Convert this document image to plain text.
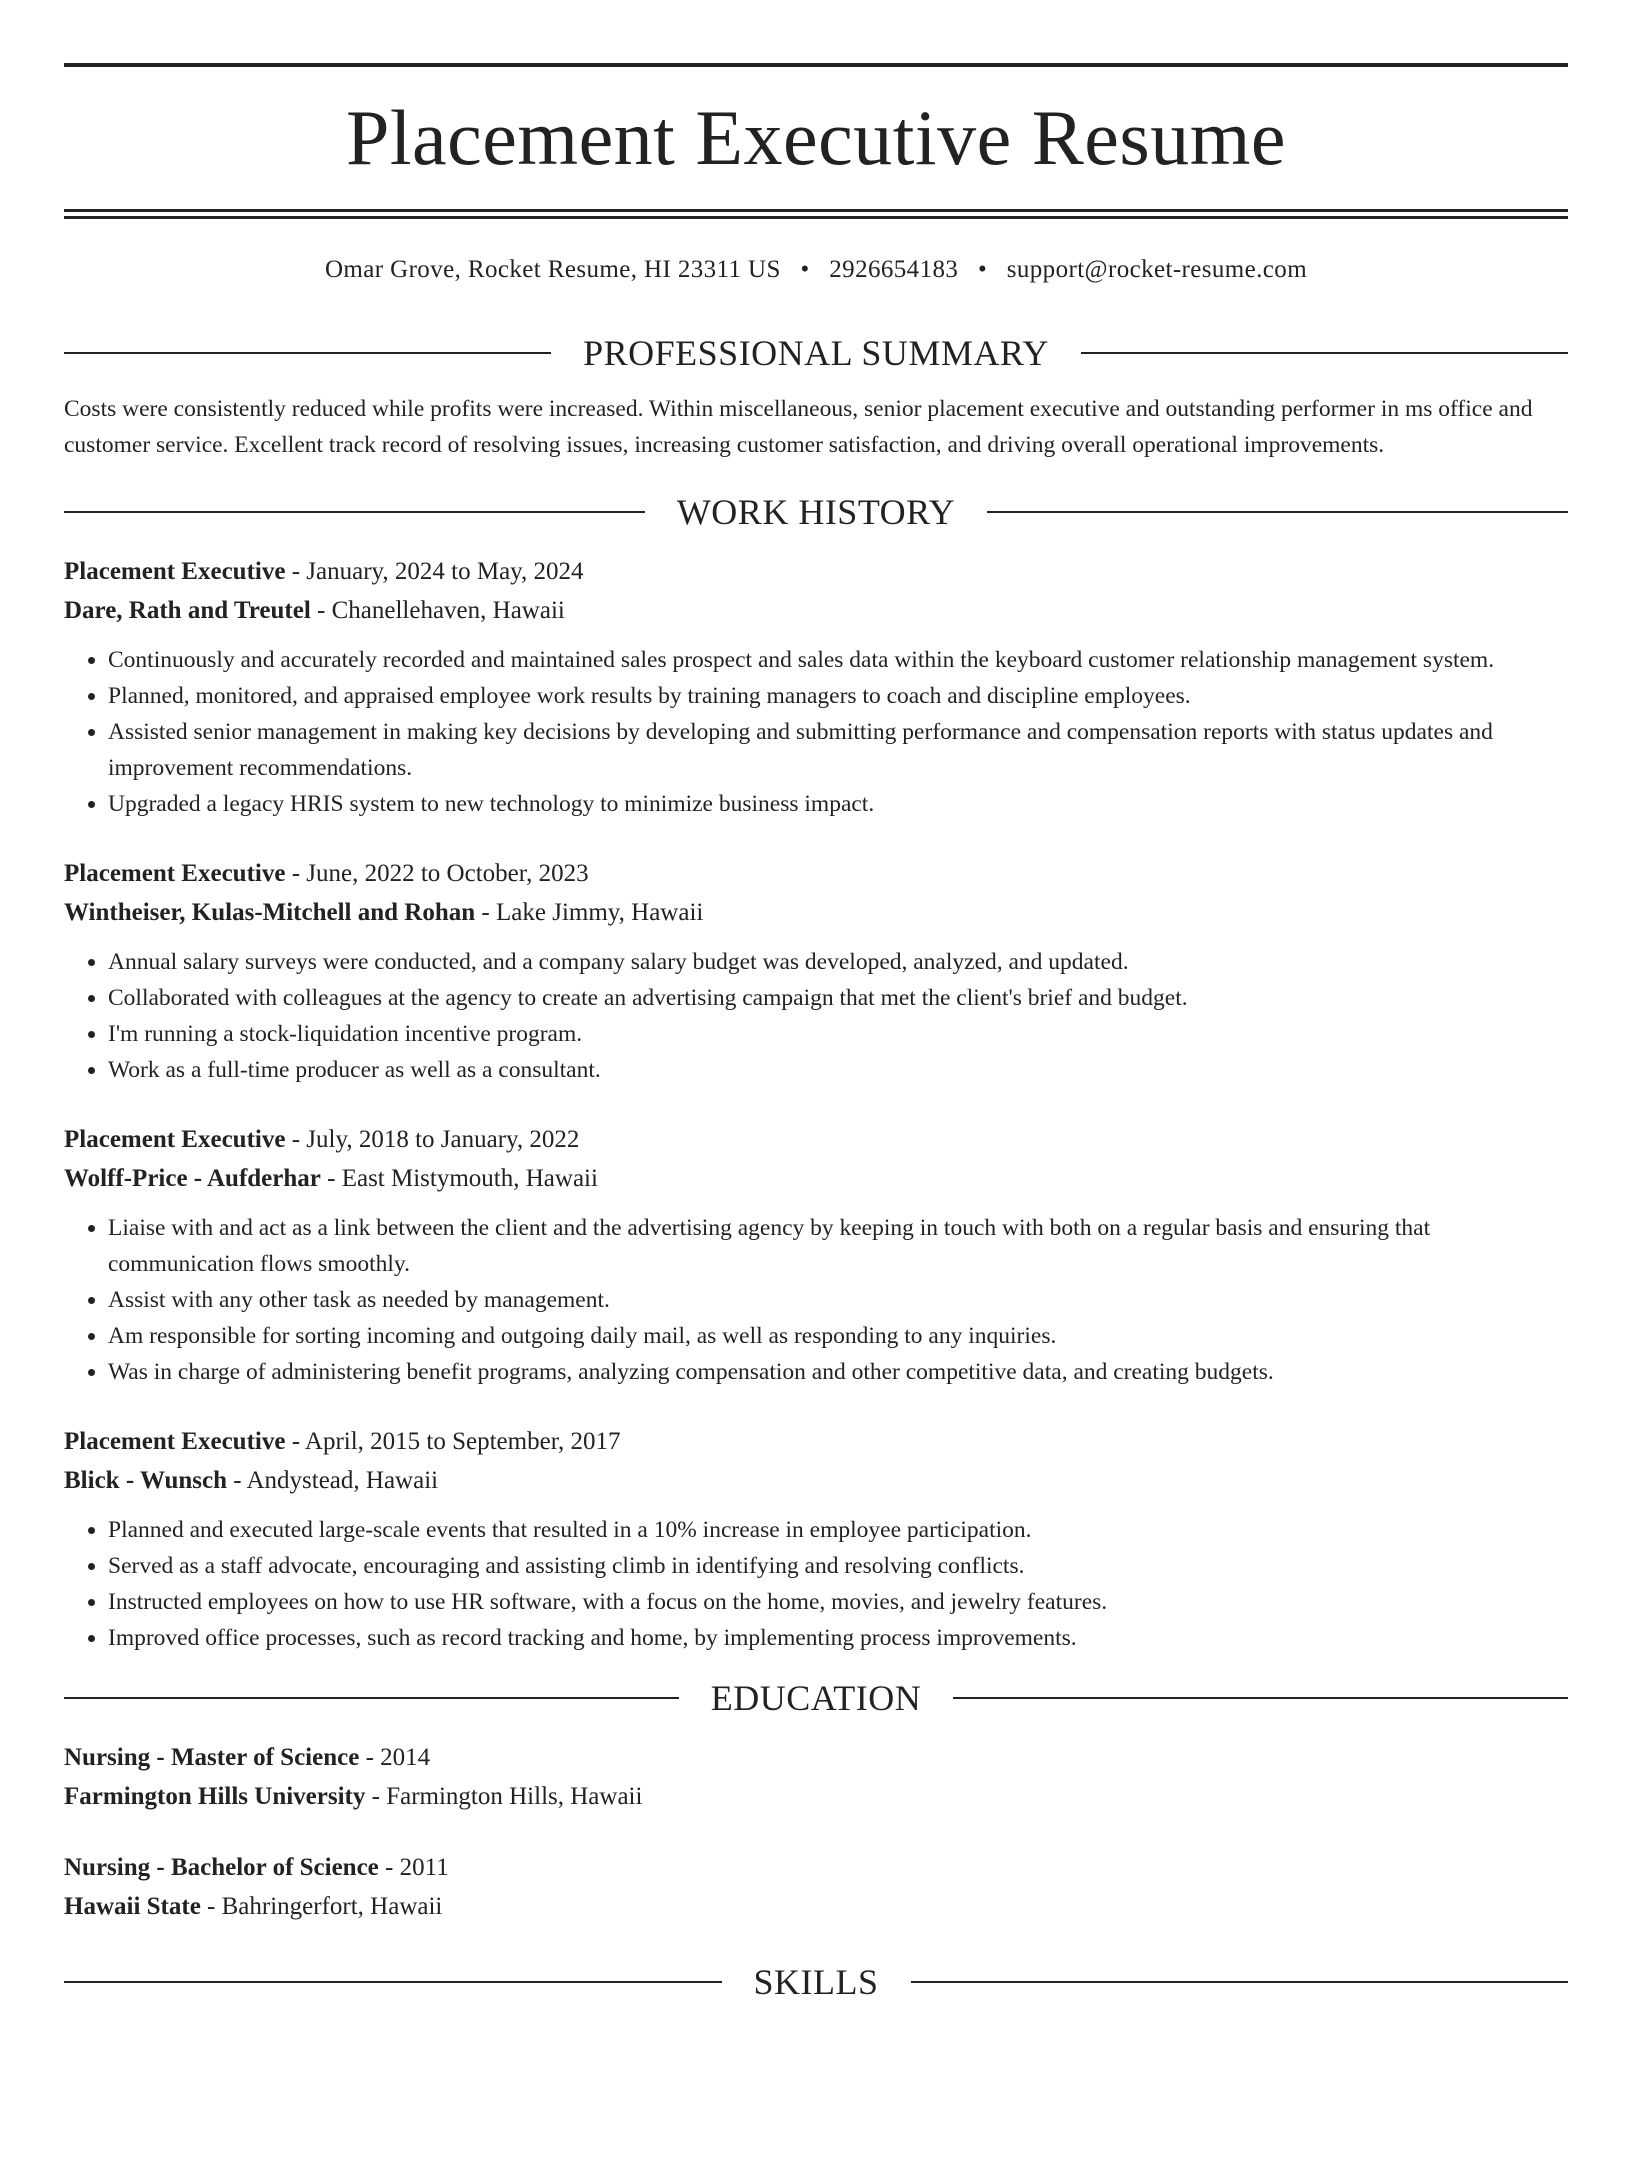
Placement Executive Resume
Omar Grove, Rocket Resume, HI 23311 US • 2926654183 • support@rocket-resume.com
PROFESSIONAL SUMMARY
Costs were consistently reduced while profits were increased. Within miscellaneous, senior placement executive and outstanding performer in ms office and customer service. Excellent track record of resolving issues, increasing customer satisfaction, and driving overall operational improvements.
WORK HISTORY
Placement Executive - January, 2024 to May, 2024
Dare, Rath and Treutel - Chanellehaven, Hawaii
• Continuously and accurately recorded and maintained sales prospect and sales data within the keyboard customer relationship management system.
• Planned, monitored, and appraised employee work results by training managers to coach and discipline employees.
• Assisted senior management in making key decisions by developing and submitting performance and compensation reports with status updates and improvement recommendations.
• Upgraded a legacy HRIS system to new technology to minimize business impact.
Placement Executive - June, 2022 to October, 2023
Wintheiser, Kulas-Mitchell and Rohan - Lake Jimmy, Hawaii
• Annual salary surveys were conducted, and a company salary budget was developed, analyzed, and updated.
• Collaborated with colleagues at the agency to create an advertising campaign that met the client's brief and budget.
• I'm running a stock-liquidation incentive program.
• Work as a full-time producer as well as a consultant.
Placement Executive - July, 2018 to January, 2022
Wolff-Price - Aufderhar - East Mistymouth, Hawaii
• Liaise with and act as a link between the client and the advertising agency by keeping in touch with both on a regular basis and ensuring that communication flows smoothly.
• Assist with any other task as needed by management.
• Am responsible for sorting incoming and outgoing daily mail, as well as responding to any inquiries.
• Was in charge of administering benefit programs, analyzing compensation and other competitive data, and creating budgets.
Placement Executive - April, 2015 to September, 2017
Blick - Wunsch - Andystead, Hawaii
• Planned and executed large-scale events that resulted in a 10% increase in employee participation.
• Served as a staff advocate, encouraging and assisting climb in identifying and resolving conflicts.
• Instructed employees on how to use HR software, with a focus on the home, movies, and jewelry features.
• Improved office processes, such as record tracking and home, by implementing process improvements.
EDUCATION
Nursing - Master of Science - 2014
Farmington Hills University - Farmington Hills, Hawaii
Nursing - Bachelor of Science - 2011
Hawaii State - Bahringerfort, Hawaii
SKILLS
